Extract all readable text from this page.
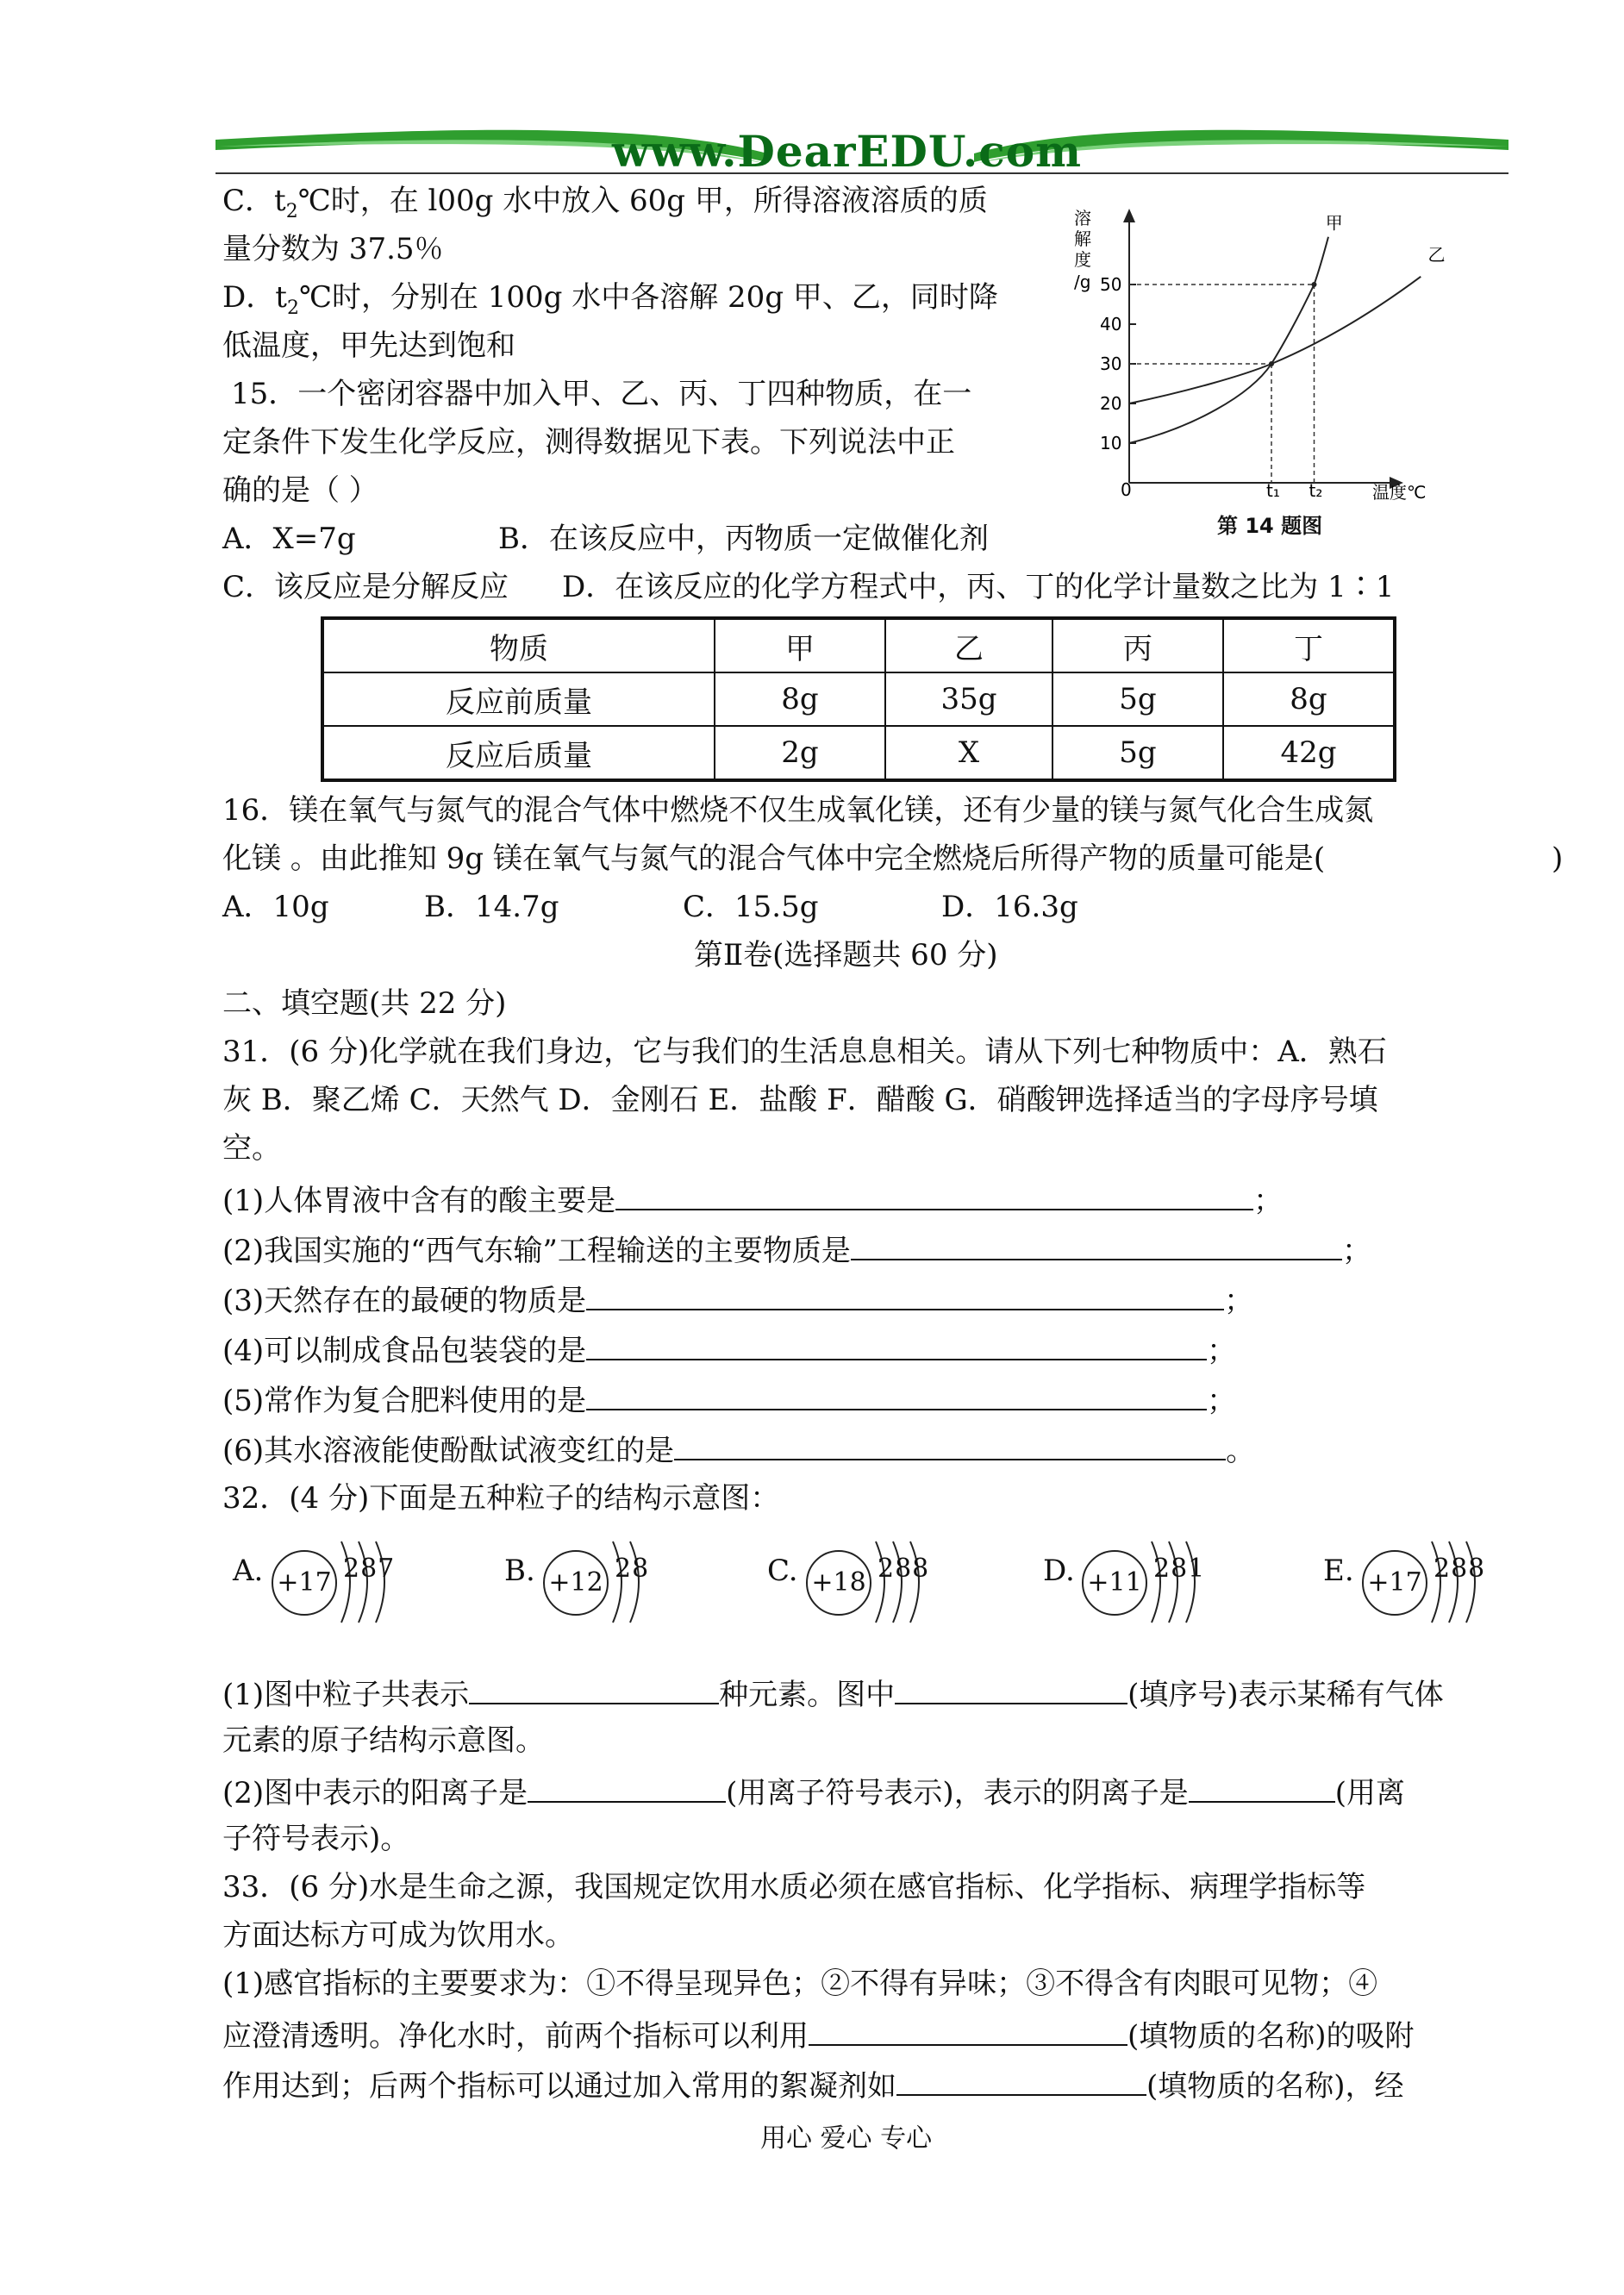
www.DearEDU.com
C．$t_2℃$时，在 l00g 水中放入 60g 甲，所得溶液溶质的质
量分数为 37.5％
D．$t_2℃$时，分别在 100g 水中各溶解 20g 甲、乙，同时降
低温度，甲先达到饱和
溶
解
度
/g
10
20
30
40
50
t₁ t₂
甲
乙
0	温度℃
第 14 题图
15．一个密闭容器中加入甲、乙、丙、丁四种物质，在一
定条件下发生化学反应，测得数据见下表。下列说法中正
确的是（ ）
A．X=7g	B．在该反应中，丙物质一定做催化剂
C．该反应是分解反应 D．在该反应的化学方程式中，丙、丁的化学计量数之比为 1∶1
物质	甲	乙	丙	丁
反应前质量	8g	35g	5g	8g
反应后质量	2g	X	5g	42g
16．镁在氧气与氮气的混合气体中燃烧不仅生成氧化镁，还有少量的镁与氮气化合生成氮
化镁 。由此推知 9g 镁在氧气与氮气的混合气体中完全燃烧后所得产物的质量可能是(	)
A．10g	B．14.7g	C．15.5g	D．16.3g
第Ⅱ卷(选择题共 60 分)
二、填空题(共 22 分)
31．(6 分)化学就在我们身边，它与我们的生活息息相关。请从下列七种物质中：A．熟石
灰 B．聚乙烯 C．天然气 D．金刚石 E．盐酸 F．醋酸 G．硝酸钾选择适当的字母序号填
空。
(1)人体胃液中含有的酸主要是	；
(2)我国实施的“西气东输”工程输送的主要物质是	；
(3)天然存在的最硬的物质是	；
(4)可以制成食品包装袋的是	；
(5)常作为复合肥料使用的是	；
(6)其水溶液能使酚酞试液变红的是	。
32．(4 分)下面是五种粒子的结构示意图：
A. +17 287	B. +12 28	C. +18 288	D. +11 281	E. +17 288
(1)图中粒子共表示	种元素。图中	(填序号)表示某稀有气体
元素的原子结构示意图。
(2)图中表示的阳离子是	(用离子符号表示)，表示的阴离子是	(用离
子符号表示)。
33．(6 分)水是生命之源，我国规定饮用水质必须在感官指标、化学指标、病理学指标等
方面达标方可成为饮用水。
(1)感官指标的主要要求为：①不得呈现异色；②不得有异味；③不得含有肉眼可见物；④
应澄清透明。净化水时，前两个指标可以利用	(填物质的名称)的吸附
作用达到；后两个指标可以通过加入常用的絮凝剂如	(填物质的名称)，经
用心 爱心 专心
